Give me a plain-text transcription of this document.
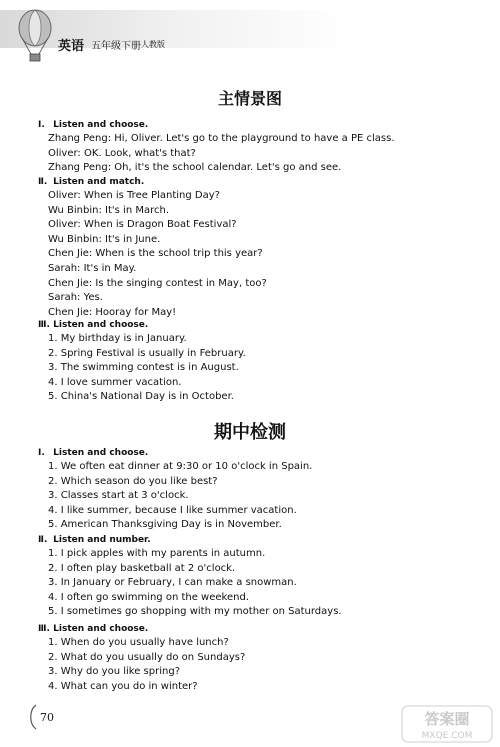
英语 五年级下册 人教版
主情景图
Ⅰ. Listen and choose.
Zhang Peng: Hi, Oliver. Let's go to the playground to have a PE class.
Oliver: OK. Look, what's that?
Zhang Peng: Oh, it's the school calendar. Let's go and see.
Ⅱ. Listen and match.
Oliver: When is Tree Planting Day?
Wu Binbin: It's in March.
Oliver: When is Dragon Boat Festival?
Wu Binbin: It's in June.
Chen Jie: When is the school trip this year?
Sarah: It's in May.
Chen Jie: Is the singing contest in May, too?
Sarah: Yes.
Chen Jie: Hooray for May!
Ⅲ. Listen and choose.
1. My birthday is in January.
2. Spring Festival is usually in February.
3. The swimming contest is in August.
4. I love summer vacation.
5. China's National Day is in October.
期中检测
Ⅰ. Listen and choose.
1. We often eat dinner at 9:30 or 10 o'clock in Spain.
2. Which season do you like best?
3. Classes start at 3 o'clock.
4. I like summer, because I like summer vacation.
5. American Thanksgiving Day is in November.
Ⅱ. Listen and number.
1. I pick apples with my parents in autumn.
2. I often play basketball at 2 o'clock.
3. In January or February, I can make a snowman.
4. I often go swimming on the weekend.
5. I sometimes go shopping with my mother on Saturdays.
Ⅲ. Listen and choose.
1. When do you usually have lunch?
2. What do you usually do on Sundays?
3. Why do you like spring?
4. What can you do in winter?
70	答案圈
MXQE.COM
